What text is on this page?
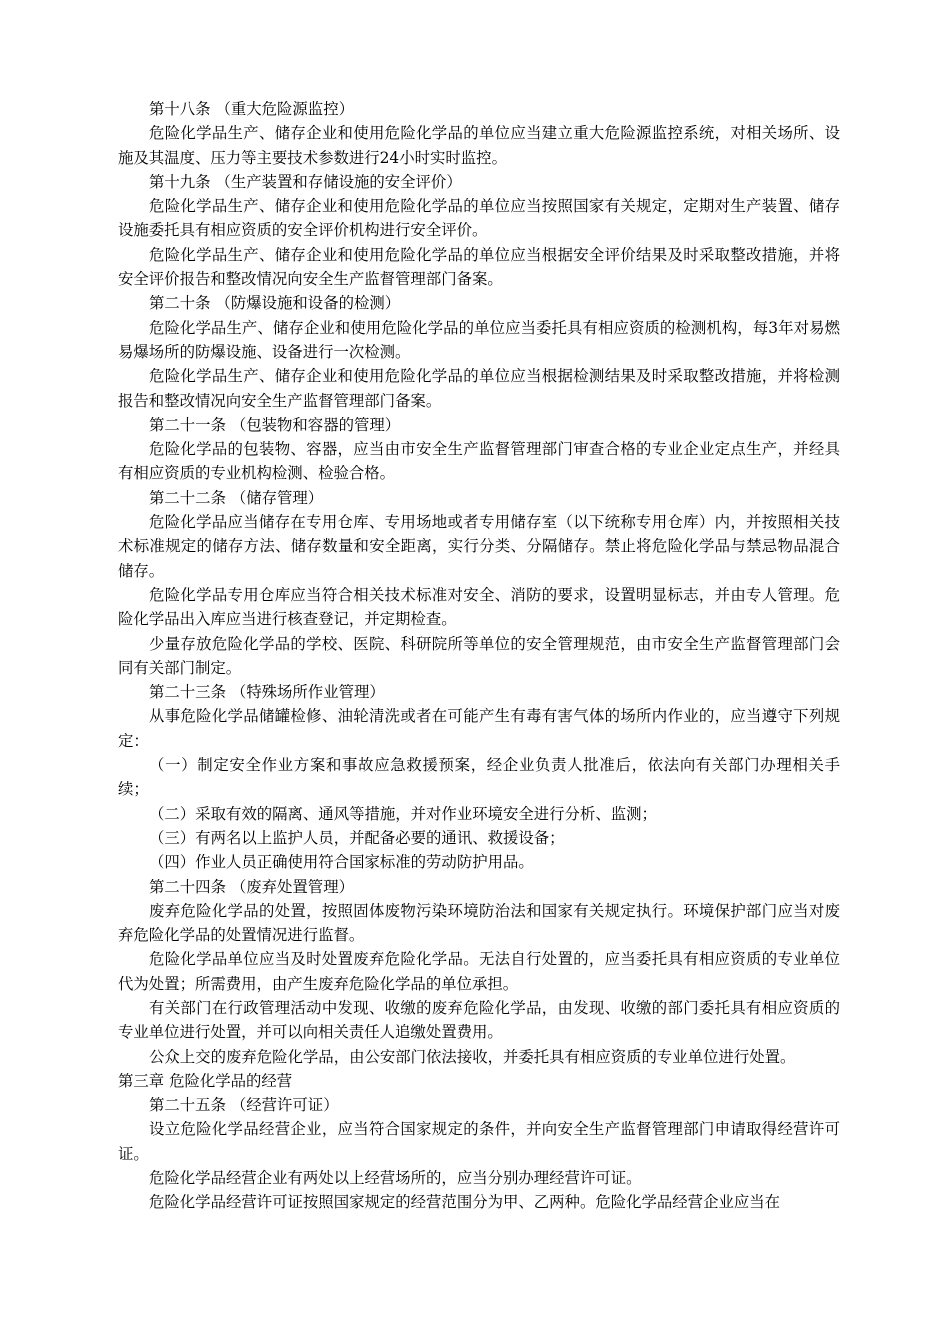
第十八条 （重大危险源监控）

危险化学品生产、储存企业和使用危险化学品的单位应当建立重大危险源监控系统，对相关场所、设施及其温度、压力等主要技术参数进行24小时实时监控。

第十九条 （生产装置和存储设施的安全评价）

危险化学品生产、储存企业和使用危险化学品的单位应当按照国家有关规定，定期对生产装置、储存设施委托具有相应资质的安全评价机构进行安全评价。

危险化学品生产、储存企业和使用危险化学品的单位应当根据安全评价结果及时采取整改措施，并将安全评价报告和整改情况向安全生产监督管理部门备案。

第二十条 （防爆设施和设备的检测）

危险化学品生产、储存企业和使用危险化学品的单位应当委托具有相应资质的检测机构，每3年对易燃易爆场所的防爆设施、设备进行一次检测。

危险化学品生产、储存企业和使用危险化学品的单位应当根据检测结果及时采取整改措施，并将检测报告和整改情况向安全生产监督管理部门备案。

第二十一条 （包装物和容器的管理）

危险化学品的包装物、容器，应当由市安全生产监督管理部门审查合格的专业企业定点生产，并经具有相应资质的专业机构检测、检验合格。

第二十二条 （储存管理）

危险化学品应当储存在专用仓库、专用场地或者专用储存室（以下统称专用仓库）内，并按照相关技术标准规定的储存方法、储存数量和安全距离，实行分类、分隔储存。禁止将危险化学品与禁忌物品混合储存。

危险化学品专用仓库应当符合相关技术标准对安全、消防的要求，设置明显标志，并由专人管理。危险化学品出入库应当进行核查登记，并定期检查。

少量存放危险化学品的学校、医院、科研院所等单位的安全管理规范，由市安全生产监督管理部门会同有关部门制定。

第二十三条 （特殊场所作业管理）

从事危险化学品储罐检修、油轮清洗或者在可能产生有毒有害气体的场所内作业的，应当遵守下列规定：

（一）制定安全作业方案和事故应急救援预案，经企业负责人批准后，依法向有关部门办理相关手续；

（二）采取有效的隔离、通风等措施，并对作业环境安全进行分析、监测；

（三）有两名以上监护人员，并配备必要的通讯、救援设备；

（四）作业人员正确使用符合国家标准的劳动防护用品。

第二十四条 （废弃处置管理）

废弃危险化学品的处置，按照固体废物污染环境防治法和国家有关规定执行。环境保护部门应当对废弃危险化学品的处置情况进行监督。

危险化学品单位应当及时处置废弃危险化学品。无法自行处置的，应当委托具有相应资质的专业单位代为处置；所需费用，由产生废弃危险化学品的单位承担。

有关部门在行政管理活动中发现、收缴的废弃危险化学品，由发现、收缴的部门委托具有相应资质的专业单位进行处置，并可以向相关责任人追缴处置费用。

公众上交的废弃危险化学品，由公安部门依法接收，并委托具有相应资质的专业单位进行处置。

第三章 危险化学品的经营

第二十五条 （经营许可证）

设立危险化学品经营企业，应当符合国家规定的条件，并向安全生产监督管理部门申请取得经营许可证。

危险化学品经营企业有两处以上经营场所的，应当分别办理经营许可证。

危险化学品经营许可证按照国家规定的经营范围分为甲、乙两种。危险化学品经营企业应当在
